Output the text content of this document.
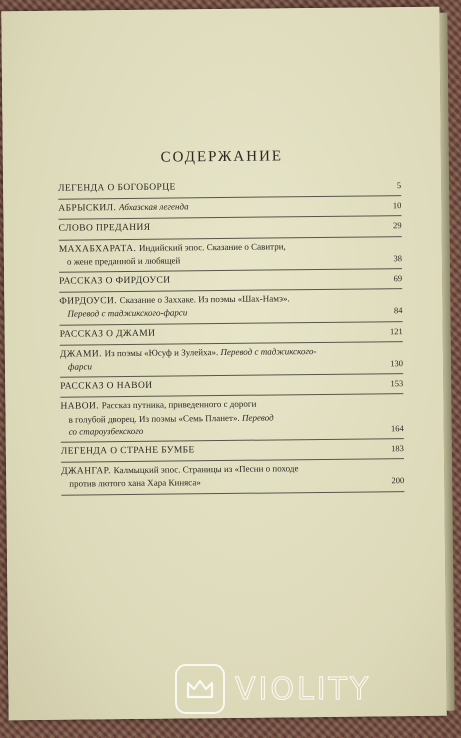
СОДЕРЖАНИЕ
ЛЕГЕНДА О БОГОБОРЦЕ	5
АБРЫСКИЛ. Абхазская легенда	10
СЛОВО ПРЕДАНИЯ	29
МАХАБХАРАТА. Индийский эпос. Сказание о Савитри,
о жене преданной и любящей	38
РАССКАЗ О ФИРДОУСИ	69
ФИРДОУСИ. Сказание о Заххаке. Из поэмы «Шах-Намэ».
Перевод с таджикского-фарси	84
РАССКАЗ О ДЖАМИ	121
ДЖАМИ. Из поэмы «Юсуф и Зулейха». Перевод с таджикского-
фарси	130
РАССКАЗ О НАВОИ	153
НАВОИ. Рассказ путника, приведенного с дороги
в голубой дворец. Из поэмы «Семь Планет». Перевод
со староузбекского	164
ЛЕГЕНДА О СТРАНЕ БУМБЕ	183
ДЖАНГАР. Калмыцкий эпос. Страницы из «Песни о походе
против лютого хана Хара Киняса»	200
VIOLITY
